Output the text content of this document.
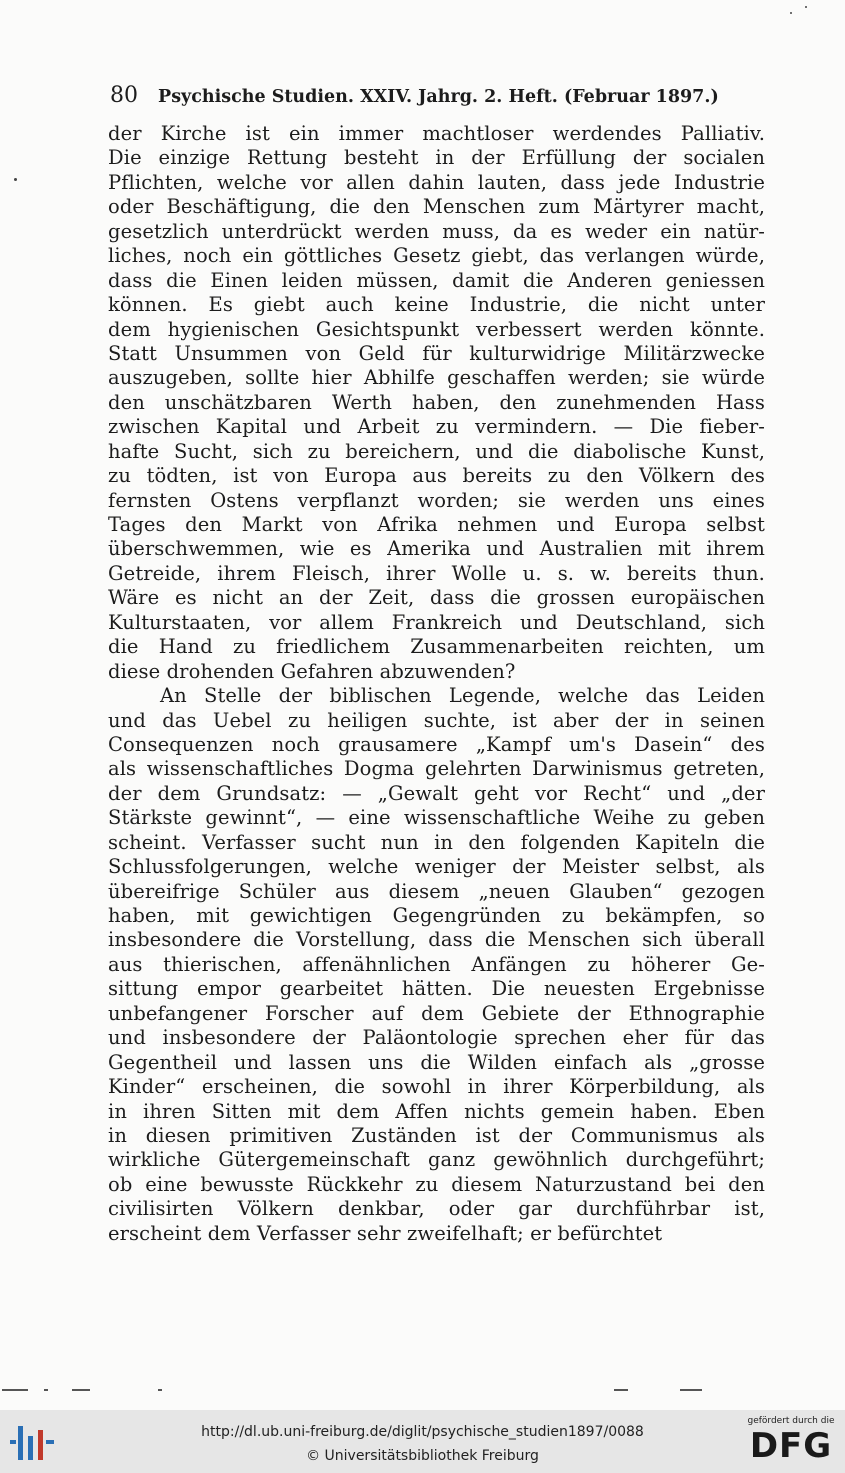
80 Psychische Studien. XXIV. Jahrg. 2. Heft. (Februar 1897.)
der Kirche ist ein immer machtloser werdendes Palliativ.
Die einzige Rettung besteht in der Erfüllung der socialen
Pflichten, welche vor allen dahin lauten, dass jede Industrie
oder Beschäftigung, die den Menschen zum Märtyrer macht,
gesetzlich unterdrückt werden muss, da es weder ein natür-
liches, noch ein göttliches Gesetz giebt, das verlangen würde,
dass die Einen leiden müssen, damit die Anderen geniessen
können. Es giebt auch keine Industrie, die nicht unter
dem hygienischen Gesichtspunkt verbessert werden könnte.
Statt Unsummen von Geld für kulturwidrige Militärzwecke
auszugeben, sollte hier Abhilfe geschaffen werden; sie würde
den unschätzbaren Werth haben, den zunehmenden Hass
zwischen Kapital und Arbeit zu vermindern. — Die fieber-
hafte Sucht, sich zu bereichern, und die diabolische Kunst,
zu tödten, ist von Europa aus bereits zu den Völkern des
fernsten Ostens verpflanzt worden; sie werden uns eines
Tages den Markt von Afrika nehmen und Europa selbst
überschwemmen, wie es Amerika und Australien mit ihrem
Getreide, ihrem Fleisch, ihrer Wolle u. s. w. bereits thun.
Wäre es nicht an der Zeit, dass die grossen europäischen
Kulturstaaten, vor allem Frankreich und Deutschland, sich
die Hand zu friedlichem Zusammenarbeiten reichten, um
diese drohenden Gefahren abzuwenden?
An Stelle der biblischen Legende, welche das Leiden
und das Uebel zu heiligen suchte, ist aber der in seinen
Consequenzen noch grausamere „Kampf um's Dasein“ des
als wissenschaftliches Dogma gelehrten Darwinismus getreten,
der dem Grundsatz: — „Gewalt geht vor Recht“ und „der
Stärkste gewinnt“, — eine wissenschaftliche Weihe zu geben
scheint. Verfasser sucht nun in den folgenden Kapiteln die
Schlussfolgerungen, welche weniger der Meister selbst, als
übereifrige Schüler aus diesem „neuen Glauben“ gezogen
haben, mit gewichtigen Gegengründen zu bekämpfen, so
insbesondere die Vorstellung, dass die Menschen sich überall
aus thierischen, affenähnlichen Anfängen zu höherer Ge-
sittung empor gearbeitet hätten. Die neuesten Ergebnisse
unbefangener Forscher auf dem Gebiete der Ethnographie
und insbesondere der Paläontologie sprechen eher für das
Gegentheil und lassen uns die Wilden einfach als „grosse
Kinder“ erscheinen, die sowohl in ihrer Körperbildung, als
in ihren Sitten mit dem Affen nichts gemein haben. Eben
in diesen primitiven Zuständen ist der Communismus als
wirkliche Gütergemeinschaft ganz gewöhnlich durchgeführt;
ob eine bewusste Rückkehr zu diesem Naturzustand bei den
civilisirten Völkern denkbar, oder gar durchführbar ist,
erscheint dem Verfasser sehr zweifelhaft; er befürchtet
http://dl.ub.uni-freiburg.de/diglit/psychische_studien1897/0088
© Universitätsbibliothek Freiburg
gefördert durch die
DFG
